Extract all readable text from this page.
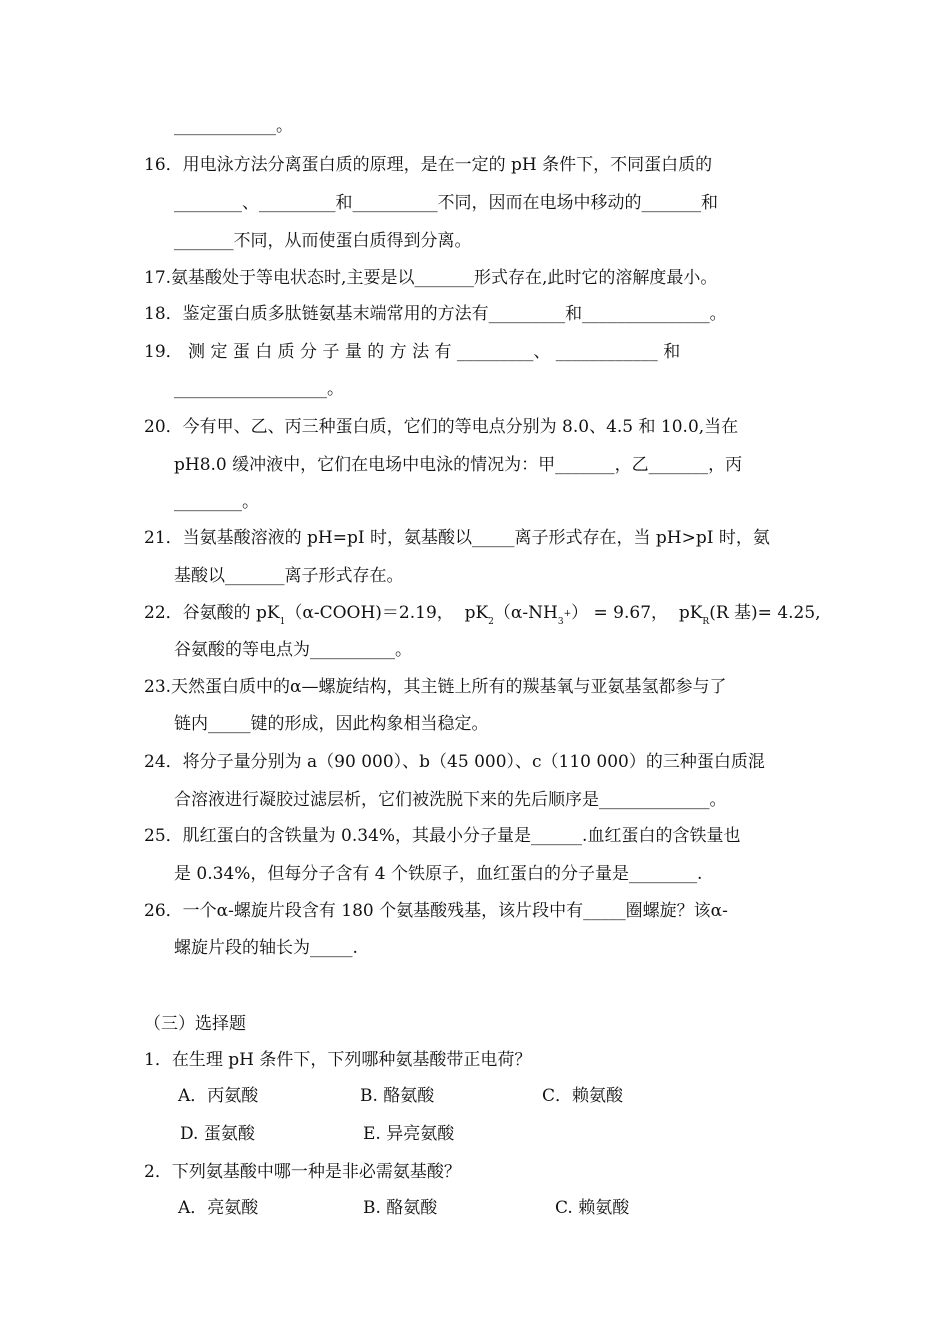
____________。
16．用电泳方法分离蛋白质的原理，是在一定的 pH 条件下，不同蛋白质的
________、_________和__________不同，因而在电场中移动的_______和
_______不同，从而使蛋白质得到分离。
17.氨基酸处于等电状态时,主要是以_______形式存在,此时它的溶解度最小。
18．鉴定蛋白质多肽链氨基末端常用的方法有_________和_______________。
19． 测 定 蛋 白 质 分 子 量 的 方 法 有 _________、 ____________ 和
__________________。
20．今有甲、乙、丙三种蛋白质，它们的等电点分别为 8.0、4.5 和 10.0,当在
pH8.0 缓冲液中，它们在电场中电泳的情况为：甲_______，乙_______，丙
________。
21．当氨基酸溶液的 pH=pI 时，氨基酸以_____离子形式存在，当 pH>pI 时，氨
基酸以_______离子形式存在。
22．谷氨酸的 $pK_1(\alpha-COOH)=2.19$，  $pK_2(\alpha-NH_3+) = 9.67$，  $pK_R(R$ 基)= 4.25,
谷氨酸的等电点为__________。
23.天然蛋白质中的α—螺旋结构，其主链上所有的羰基氧与亚氨基氢都参与了
链内_____键的形成，因此构象相当稳定。
24．将分子量分别为 a（90 000）、b（45 000）、c（110 000）的三种蛋白质混
合溶液进行凝胶过滤层析，它们被洗脱下来的先后顺序是_____________。
25．肌红蛋白的含铁量为 0.34%，其最小分子量是______.血红蛋白的含铁量也
是 0.34%，但每分子含有 4 个铁原子，血红蛋白的分子量是________.
26．一个α-螺旋片段含有 180 个氨基酸残基，该片段中有_____圈螺旋？该α-
螺旋片段的轴长为_____.
（三）选择题
1．在生理 pH 条件下，下列哪种氨基酸带正电荷？
A．丙氨酸	B. 酪氨酸	C．赖氨酸
D. 蛋氨酸	E. 异亮氨酸
2．下列氨基酸中哪一种是非必需氨基酸？
A．亮氨酸	B. 酪氨酸	C. 赖氨酸
